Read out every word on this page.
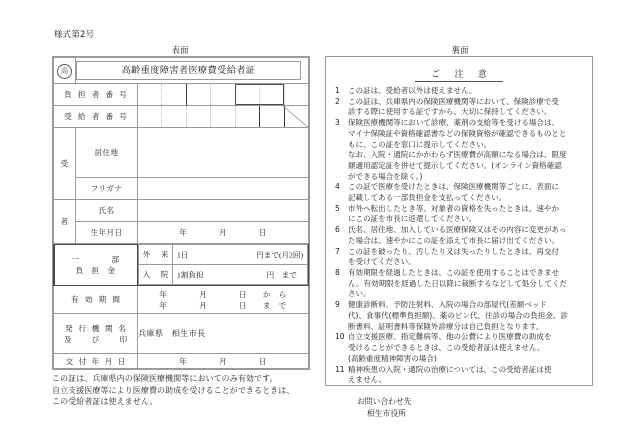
様式第2号
表面	裏面
高	高齢重度障害者医療費受給者証

負 担 者 番 号	

受 給 者 番 号	

受	居住地	
フリガナ	
者	氏名	
生年月日	年　　　　月　　　　日

一　　　　部
負　担　金

外　来	1日	円まで(月2回)

入　院	1割負担	円　まで

有 効 期 間	
年　　　　月　　　　日　　か　ら
年　　　　月　　　　日　　ま　で

発 行 機 関 名
及　　び　　印
	兵庫県　相生市長
交 付 年 月 日	年　　　　月　　　　日
この証は、兵庫県内の保険医療機関等においてのみ有効です。
自立支援医療等により医療費の助成を受けることができるときは、
この受給者証は使えません。
ご注意
1	この証は、受給者以外は使えません。
2	この証は、兵庫県内の保険医療機関等において、保険診療で受
診する際に使用する証ですから、大切に保持してください。
3	保険医療機関等において診療、薬剤の支給等を受ける場合は、
マイナ保険証や資格確認書などの保険資格が確認できるものとと
もに、この証を窓口に提示してください。
なお、入院・通院にかかわらず医療費が高額になる場合は、限度
額適用認定証を併せて提示してください。(オンライン資格確認
ができる場合を除く。)
4	この証で医療を受けたときは、保険医療機関等ごとに、表面に
記載してある一部負担金を支払ってください。
5	市外へ転出したとき等、対象者の資格を失ったときは、速やか
にこの証を市長に返還してください。
6	氏名、居住地、加入している医療保険又はその内容に変更があっ
た場合は、速やかにこの証を添えて市長に届け出てください。
7	この証を破ったり、汚したり又は失ったりしたときは、再交付
を受けてください。
8	有効期限を経過したときは、この証を使用することはできませ
ん。有効期限を経過した日以降に裁断するなどして処分してくだ
さい。
9	健康診断料、予防注射料、入院の場合の部屋代(差額ベッド
代)、食事代(標準負担額)、薬のビン代、往診の場合の負担金、診
断書料、証明書料等保険外診療分は自己負担となります。
10 自立支援医療、指定難病等、他の公費により医療費の助成を
受けることができるときは、この受給者証は使えません。
(高齢重度精神障害の場合)
11 精神疾患の入院・通院の治療については、この受給者証は使
えません。
お問い合わせ先
相生市役所
